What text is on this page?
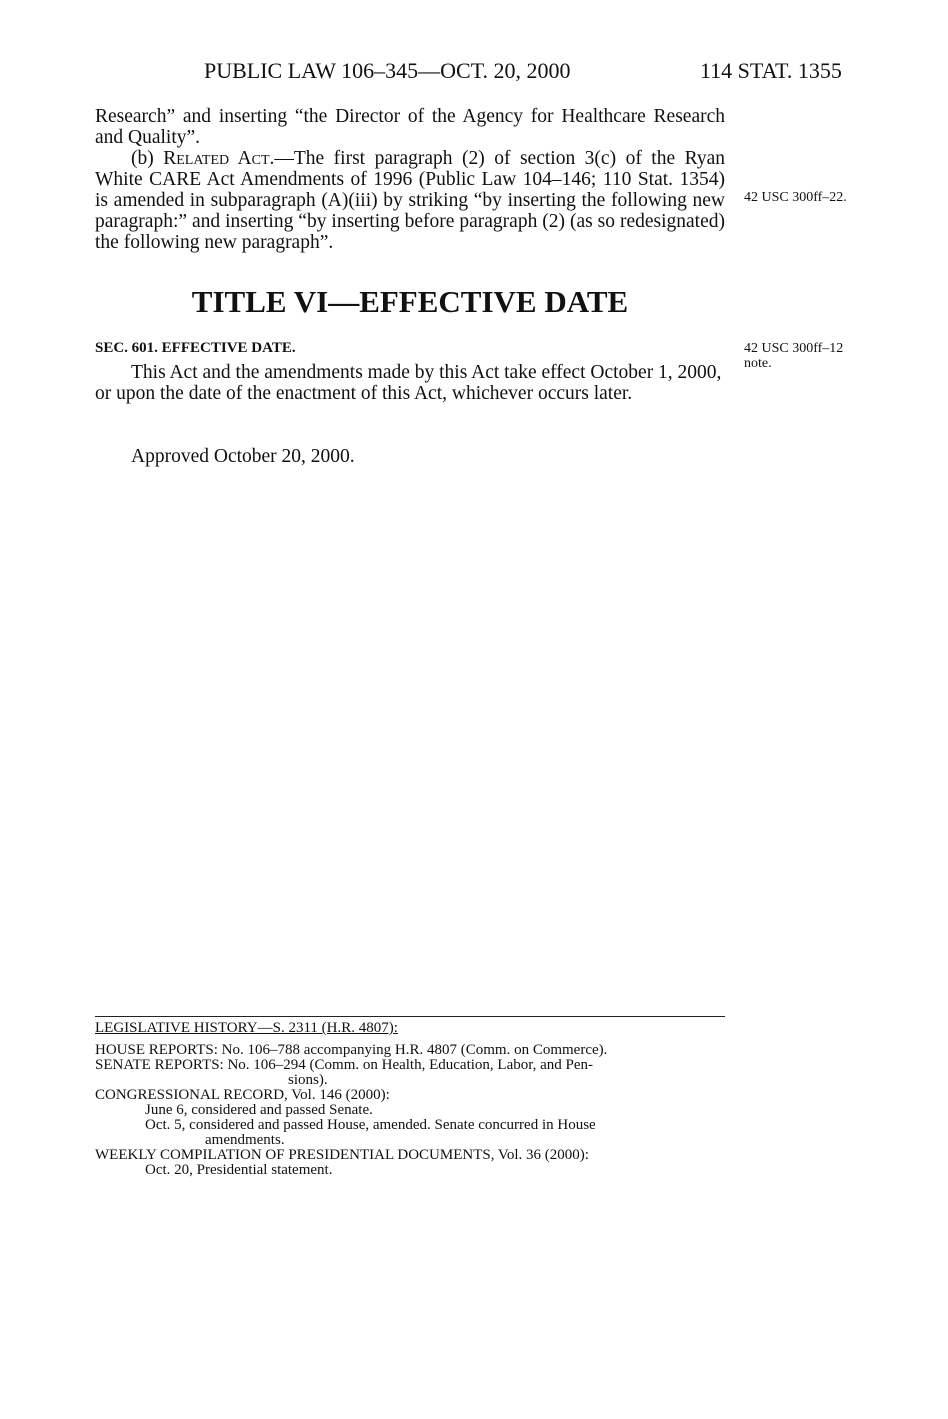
PUBLIC LAW 106–345—OCT. 20, 2000	114 STAT. 1355

Research” and inserting “the Director of the Agency for Healthcare Research and Quality”.

(b) Related Act.—The first paragraph (2) of section 3(c) of the Ryan White CARE Act Amendments of 1996 (Public Law 104–146; 110 Stat. 1354) is amended in subparagraph (A)(iii) by striking “by inserting the following new paragraph:” and inserting “by inserting before paragraph (2) (as so redesignated) the following new paragraph”.

42 USC 300ff–22.
TITLE VI—EFFECTIVE DATE
SEC. 601. EFFECTIVE DATE.	42 USC 300ff–12
note.

This Act and the amendments made by this Act take effect October 1, 2000, or upon the date of the enactment of this Act, whichever occurs later.

Approved October 20, 2000.

LEGISLATIVE HISTORY—S. 2311 (H.R. 4807):
HOUSE REPORTS: No. 106–788 accompanying H.R. 4807 (Comm. on Commerce).
SENATE REPORTS: No. 106–294 (Comm. on Health, Education, Labor, and Pen-
sions).
CONGRESSIONAL RECORD, Vol. 146 (2000):
June 6, considered and passed Senate.
Oct. 5, considered and passed House, amended. Senate concurred in House
amendments.
WEEKLY COMPILATION OF PRESIDENTIAL DOCUMENTS, Vol. 36 (2000):
Oct. 20, Presidential statement.
